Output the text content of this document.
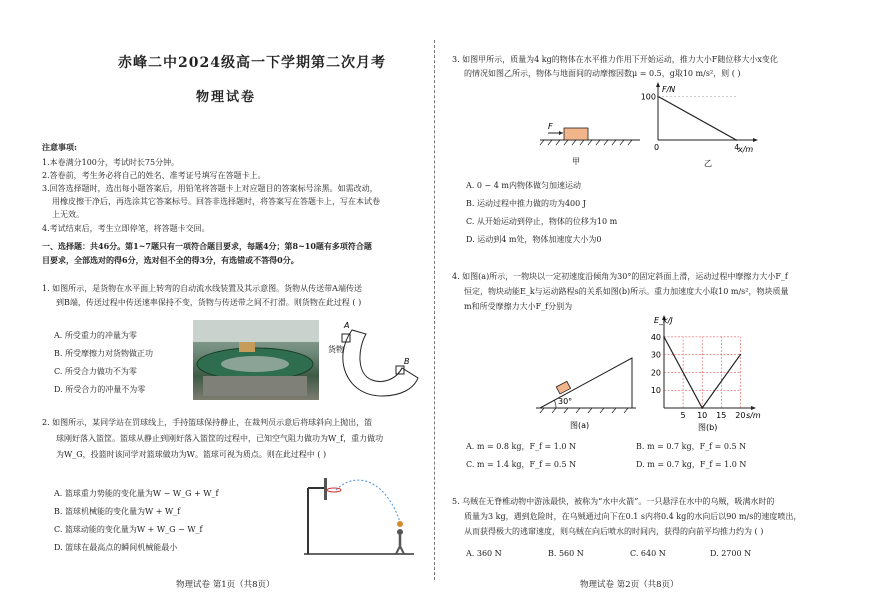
赤峰二中2024级高一下学期第二次月考
物理试卷
注意事项:
1.本卷满分100分，考试时长75分钟。
2.答卷前，考生务必将自己的姓名、准考证号填写在答题卡上。
3.回答选择题时，选出每小题答案后，用铅笔将答题卡上对应题目的答案标号涂黑。如需改动，
用橡皮擦干净后，再选涂其它答案标号。回答非选择题时，将答案写在答题卡上，写在本试卷
上无效。
4.考试结束后，考生立即停笔，将答题卡交回。
一、选择题：共46分。第1~7题只有一项符合题目要求，每题4分；第8~10题有多项符合题
目要求，全部选对的得6分，选对但不全的得3分，有选错或不答得0分。
1. 如图所示，是货物在水平面上转弯的自动流水线装置及其示意图。货物从传送带A端传送
到B端，传送过程中传送速率保持不变，货物与传送带之间不打滑。则货物在此过程 ( )
A. 所受重力的冲量为零
B. 所受摩擦力对货物做正功
C. 所受合力做功不为零
D. 所受合力的冲量不为零
A
B
货物
2. 如图所示，某同学站在罚球线上，手持篮球保持静止，在裁判员示意后将球斜向上抛出，篮
球刚好落入篮筐。篮球从静止到刚好落入篮筐的过程中，已知空气阻力做功为W_f，重力做功
为W_G，投篮时该同学对篮球做功为W。篮球可视为质点。则在此过程中 ( )
A. 篮球重力势能的变化量为W − W_G + W_f
B. 篮球机械能的变化量为W + W_f
C. 篮球动能的变化量为W + W_G − W_f
D. 篮球在最高点的瞬间机械能最小
物理试卷 第1页（共8页）
3. 如图甲所示，质量为4 kg的物体在水平推力作用下开始运动，推力大小F随位移大小x变化
的情况如图乙所示，物体与地面间的动摩擦因数μ = 0.5，g取10 m/s²，则 ( )
F
甲
F/N
x/m
乙
100
0	4
A. 0 − 4 m内物体做匀加速运动
B. 运动过程中推力做的功为400 J
C. 从开始运动到停止，物体的位移为10 m
D. 运动到4 m处，物体加速度大小为0
4. 如图(a)所示，一物块以一定初速度沿倾角为30°的固定斜面上滑，运动过程中摩擦力大小F_f
恒定，物块动能E_k与运动路程s的关系如图(b)所示。重力加速度大小取10 m/s²，物块质量
m和所受摩擦力大小F_f分别为
30°
图(a)
E_k/J
s/m
图(b)
5 10 15 20
10
20
30
40
A. m = 0.8 kg，F_f = 1.0 N	B. m = 0.7 kg，F_f = 0.5 N
C. m = 1.4 kg，F_f = 0.5 N	D. m = 0.7 kg，F_f = 1.0 N
5. 乌贼在无脊椎动物中游泳最快，被称为“水中火箭”。一只悬浮在水中的乌贼，吸满水时的
质量为3 kg，遇到危险时，在乌贼通过向下在0.1 s内将0.4 kg的水向后以90 m/s的速度喷出，
从而获得极大的逃窜速度，则乌贼在向后喷水的时间内，获得的向前平均推力约为 ( )
A. 360 N	B. 560 N	C. 640 N	D. 2700 N
物理试卷 第2页（共8页）
